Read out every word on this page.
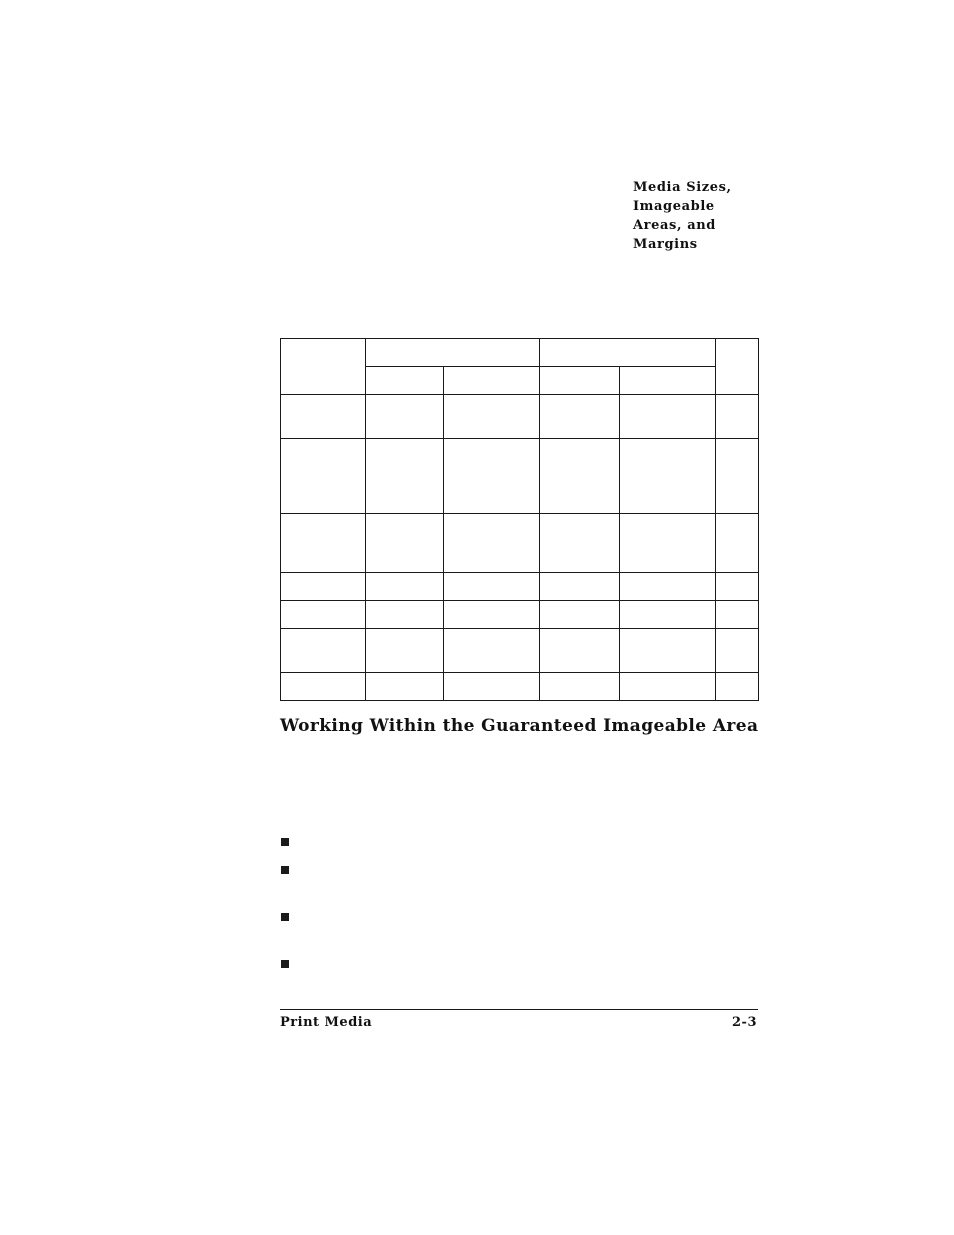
Media Sizes,
Imageable
Areas, and
Margins

Working Within the Guaranteed Imageable Area
Print Media	2-3
